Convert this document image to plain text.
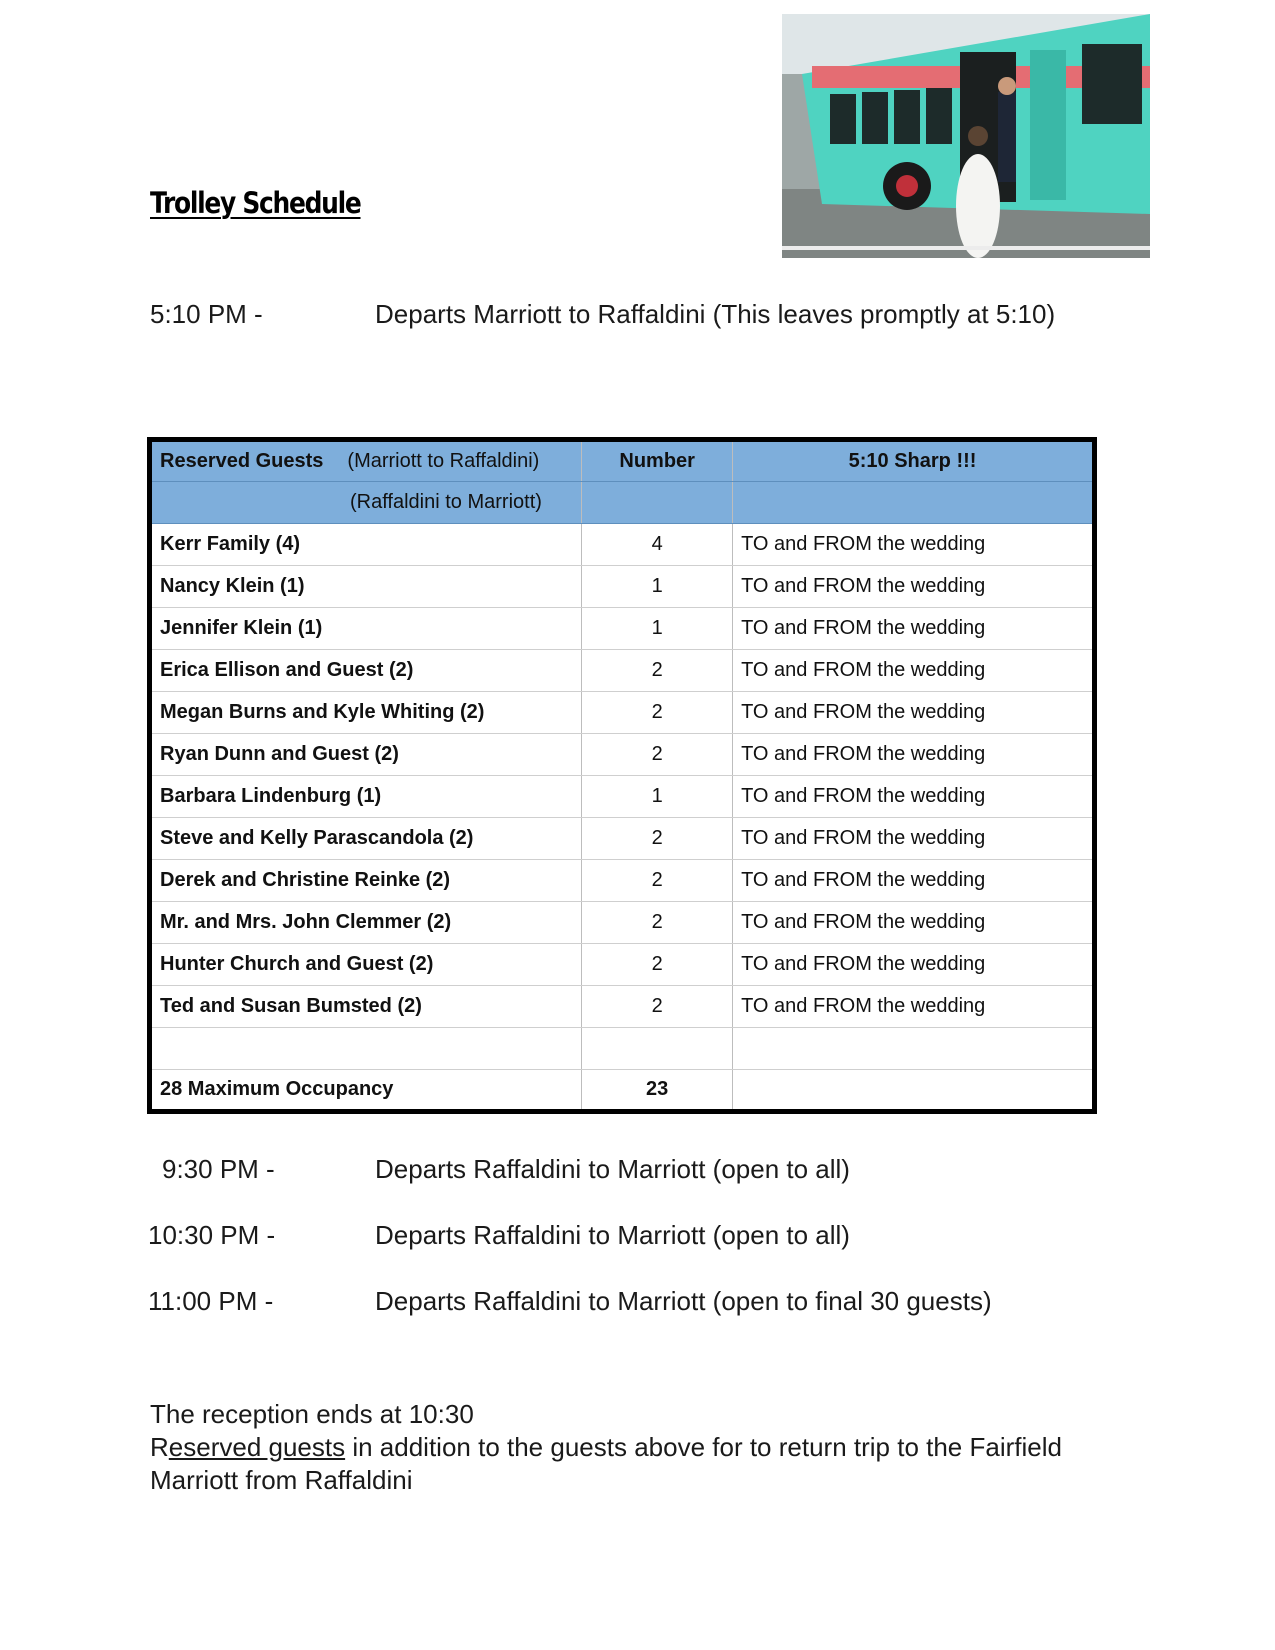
Trolley Schedule
5:10 PM -	Departs Marriott to Raffaldini (This leaves promptly at 5:10)
Reserved Guests (Marriott to Raffaldini)	Number	5:10 Sharp !!!
(Raffaldini to Marriott)		
Kerr Family (4)	4	TO and FROM the wedding
Nancy Klein (1)	1	TO and FROM the wedding
Jennifer Klein (1)	1	TO and FROM the wedding
Erica Ellison and Guest (2)	2	TO and FROM the wedding
Megan Burns and Kyle Whiting (2)	2	TO and FROM the wedding
Ryan Dunn and Guest (2)	2	TO and FROM the wedding
Barbara Lindenburg (1)	1	TO and FROM the wedding
Steve and Kelly Parascandola (2)	2	TO and FROM the wedding
Derek and Christine Reinke (2)	2	TO and FROM the wedding
Mr. and Mrs. John Clemmer (2)	2	TO and FROM the wedding
Hunter Church and Guest (2)	2	TO and FROM the wedding
Ted and Susan Bumsted (2)	2	TO and FROM the wedding

28 Maximum Occupancy	23	
9:30 PM -	Departs Raffaldini to Marriott (open to all)
10:30 PM -	Departs Raffaldini to Marriott (open to all)
11:00 PM -	Departs Raffaldini to Marriott (open to final 30 guests)
The reception ends at 10:30
Reserved guests in addition to the guests above for to return trip to the Fairfield
Marriott from Raffaldini
